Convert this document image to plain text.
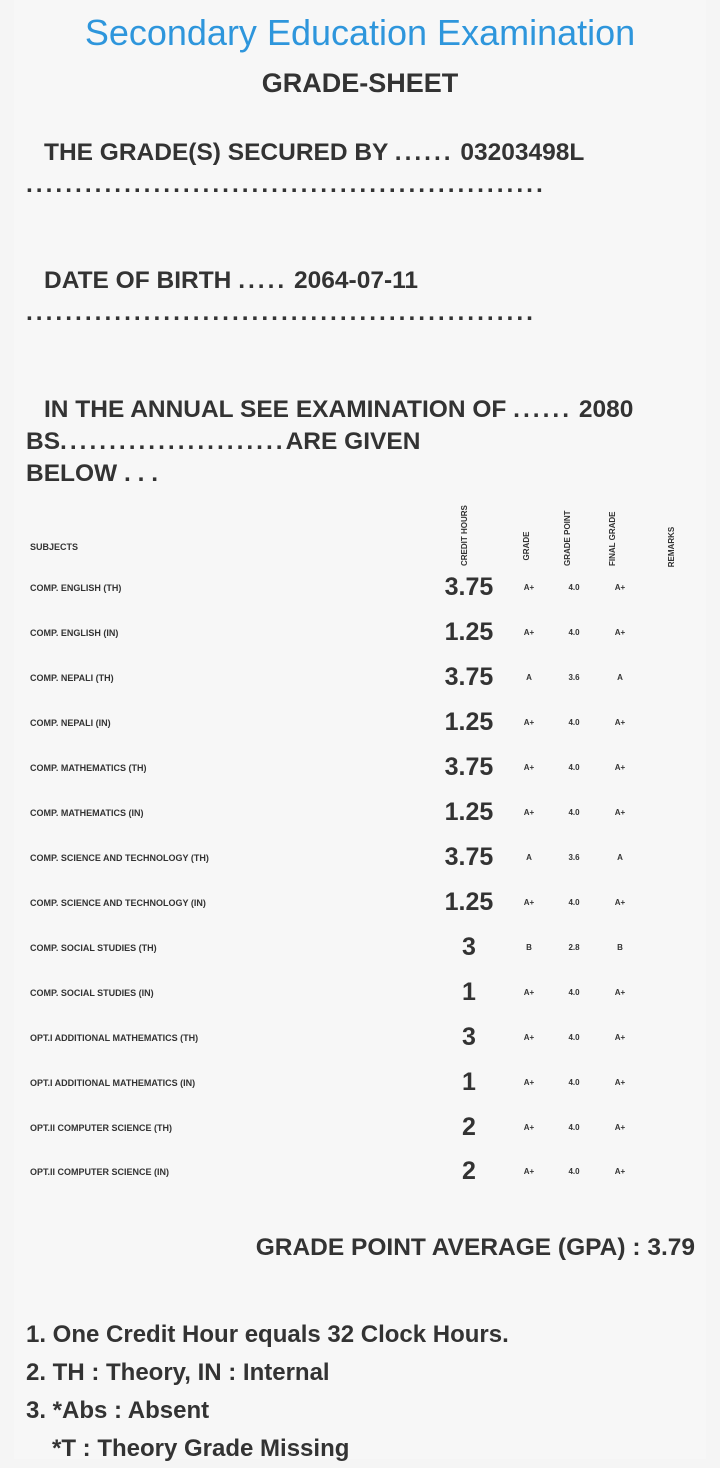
Secondary Education Examination
GRADE-SHEET
THE GRADE(S) SECURED BY ...... 03203498L .....................................................
DATE OF BIRTH ..... 2064-07-11 ....................................................
IN THE ANNUAL SEE EXAMINATION OF ...... 2080
BS.......................ARE GIVEN
BELOW . . .
SUBJECTS	CREDIT HOURS	GRADE	GRADE POINT	FINAL GRADE	REMARKS
COMP. ENGLISH (TH)	3.75	A+	4.0	A+
COMP. ENGLISH (IN)	1.25	A+	4.0	A+
COMP. NEPALI (TH)	3.75	A	3.6	A
COMP. NEPALI (IN)	1.25	A+	4.0	A+
COMP. MATHEMATICS (TH)	3.75	A+	4.0	A+
COMP. MATHEMATICS (IN)	1.25	A+	4.0	A+
COMP. SCIENCE AND TECHNOLOGY (TH)	3.75	A	3.6	A
COMP. SCIENCE AND TECHNOLOGY (IN)	1.25	A+	4.0	A+
COMP. SOCIAL STUDIES (TH)	3	B	2.8	B
COMP. SOCIAL STUDIES (IN)	1	A+	4.0	A+
OPT.I ADDITIONAL MATHEMATICS (TH)	3	A+	4.0	A+
OPT.I ADDITIONAL MATHEMATICS (IN)	1	A+	4.0	A+
OPT.II COMPUTER SCIENCE (TH)	2	A+	4.0	A+
OPT.II COMPUTER SCIENCE (IN)	2	A+	4.0	A+
GRADE POINT AVERAGE (GPA) : 3.79
1. One Credit Hour equals 32 Clock Hours.
2. TH : Theory, IN : Internal
3. *Abs : Absent
*T : Theory Grade Missing
